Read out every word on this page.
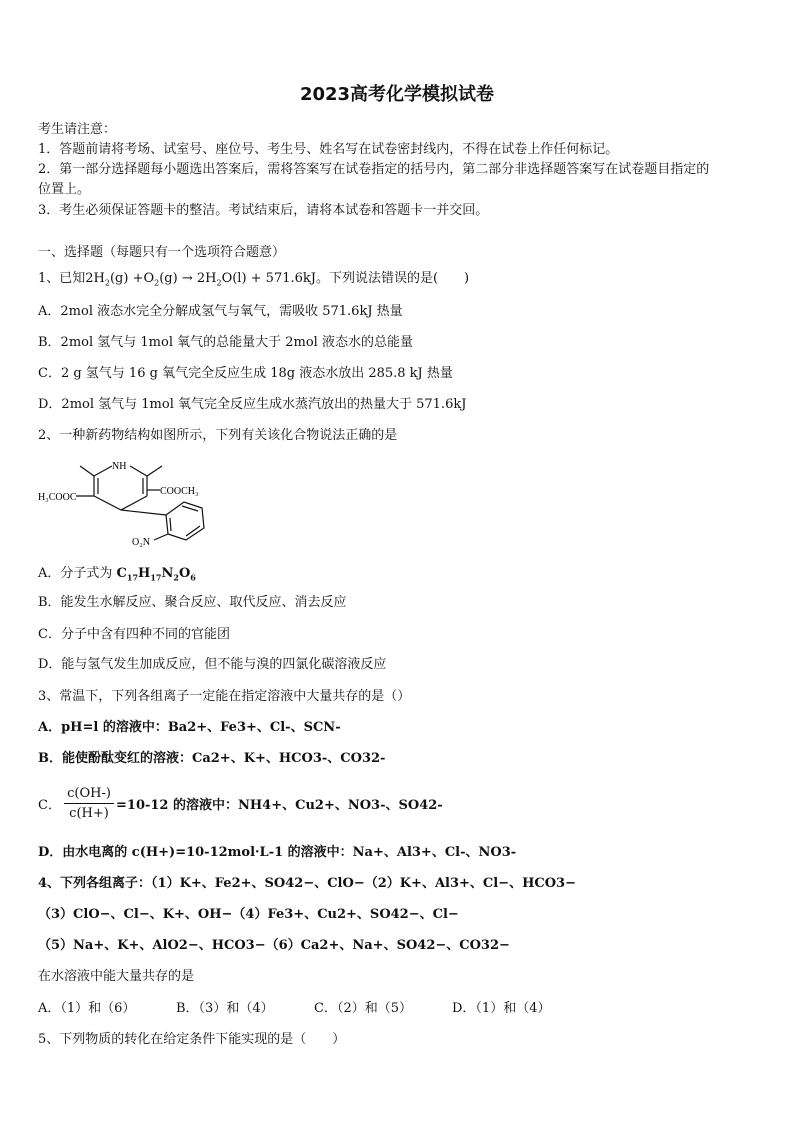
2023高考化学模拟试卷
考生请注意：
1．答题前请将考场、试室号、座位号、考生号、姓名写在试卷密封线内，不得在试卷上作任何标记。
2．第一部分选择题每小题选出答案后，需将答案写在试卷指定的括号内，第二部分非选择题答案写在试卷题目指定的
位置上。
3．考生必须保证答题卡的整洁。考试结束后，请将本试卷和答题卡一并交回。
一、选择题（每题只有一个选项符合题意）
1、已知$2H_2(g) +O_2(g) \to 2H_2O(l) + 571.6kJ$。下列说法错误的是(　　)
A．2mol 液态水完全分解成氢气与氧气，需吸收 571.6kJ 热量
B．2mol 氢气与 1mol 氧气的总能量大于 2mol 液态水的总能量
C．2 g 氢气与 16 g 氧气完全反应生成 18g 液态水放出 285.8 kJ 热量
D．2mol 氢气与 1mol 氧气完全反应生成水蒸汽放出的热量大于 571.6kJ
2、一种新药物结构如图所示，下列有关该化合物说法正确的是
NH
H₃COOC
COOCH₃
O₂N
A．分子式为 $C_{17}H_{17}N_2O_6$
B．能发生水解反应、聚合反应、取代反应、消去反应
C．分子中含有四种不同的官能团
D．能与氢气发生加成反应，但不能与溴的四氯化碳溶液反应
3、常温下，下列各组离子一定能在指定溶液中大量共存的是（）
A．pH=l 的溶液中：Ba2+、Fe3+、Cl-、SCN-
B．能使酚酞变红的溶液：Ca2+、K+、HCO3-、CO32-
C． $\frac{c(OH-)}{c(H+)} =10-12$ 的溶液中：NH4+、Cu2+、NO3-、SO42-
D．由水电离的 c(H+)=10-12mol·L-1 的溶液中：Na+、Al3+、Cl-、NO3-
4、下列各组离子：（1）K+、Fe2+、SO42−、ClO−（2）K+、Al3+、Cl−、HCO3−
（3）ClO−、Cl−、K+、OH−（4）Fe3+、Cu2+、SO42−、Cl−
（5）Na+、K+、AlO2−、HCO3−（6）Ca2+、Na+、SO42−、CO32−
在水溶液中能大量共存的是
A．（1）和（6）	B．（3）和（4）	C．（2）和（5）	D．（1）和（4）
5、下列物质的转化在给定条件下能实现的是（　　）
